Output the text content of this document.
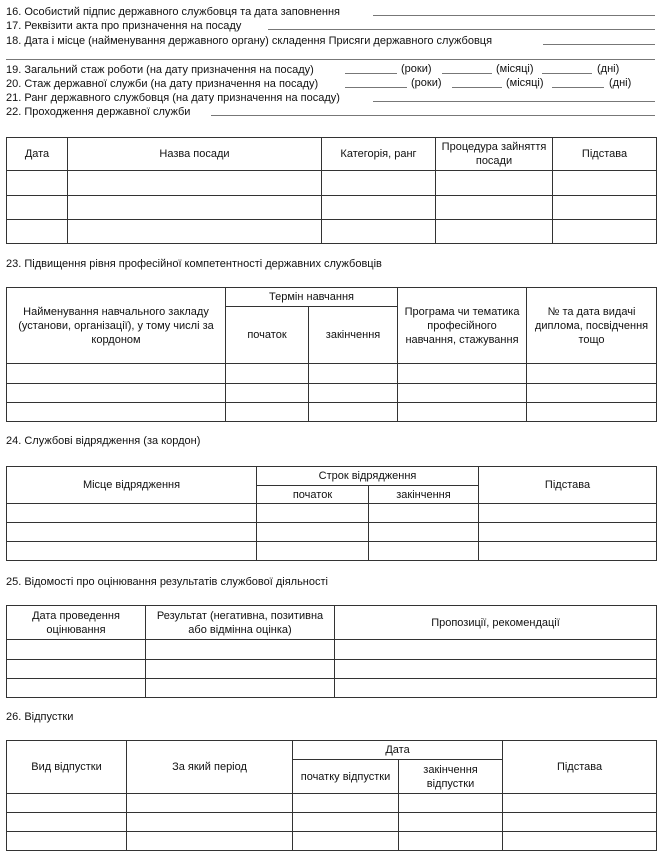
16. Особистий підпис державного службовця та дата заповнення
17. Реквізити акта про призначення на посаду
18. Дата і місце (найменування державного органу) складення Присяги державного службовця
19. Загальний стаж роботи (на дату призначення на посаду)	(роки)	(місяці)	(дні)
20. Стаж державної служби (на дату призначення на посаду)	(роки)	(місяці)	(дні)
21. Ранг державного службовця (на дату призначення на посаду)
22. Проходження державної служби
Дата	Назва посади	Категорія, ранг	Процедура зайняття посади	Підстава

23. Підвищення рівня професійної компетентності державних службовців
Найменування навчального закладу (установи, організації), у тому числі за кордоном	Термін навчання		Програма чи тематика професійного навчання, стажування	№ та дата видачі диплома, посвідчення тощо
	початок	закінчення		

24. Службові відрядження (за кордон)
Місце відрядження	Строк відрядження		Підстава
	початок	закінчення	

25. Відомості про оцінювання результатів службової діяльності
Дата проведення оцінювання	Результат (негативна, позитивна або відмінна оцінка)	Пропозиції, рекомендації

26. Відпустки
Вид відпустки	За який період	Дата		Підстава
		початку відпустки	закінчення відпустки	
